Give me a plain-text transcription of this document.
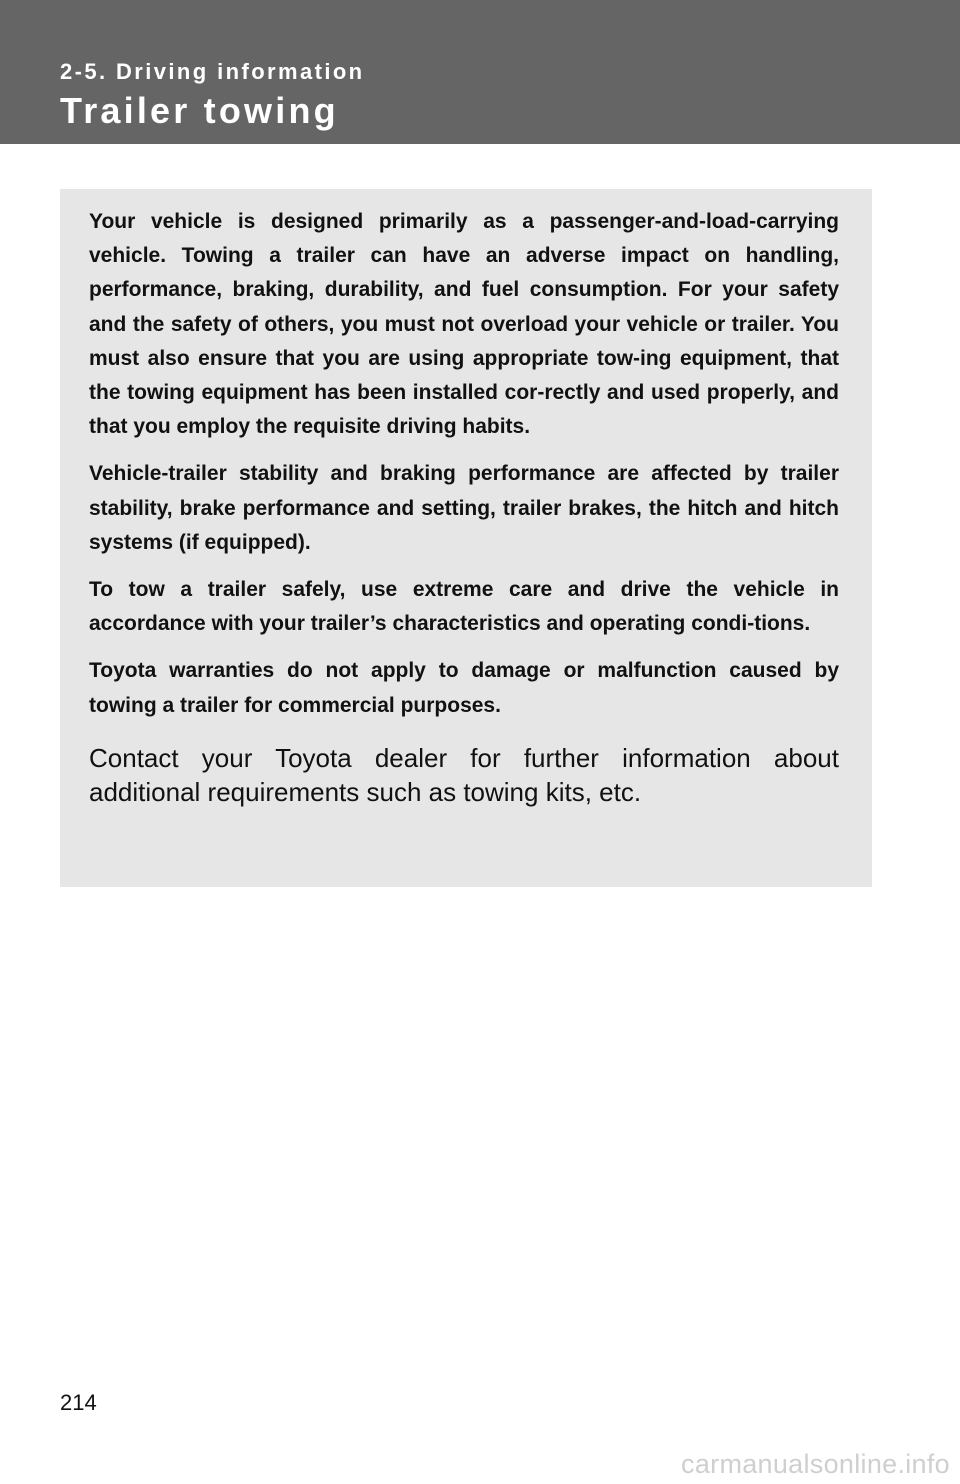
2-5. Driving information
Trailer towing

Your vehicle is designed primarily as a passenger-and-load-carrying vehicle. Towing a trailer can have an adverse impact on handling, performance, braking, durability, and fuel consumption. For your safety and the safety of others, you must not overload your vehicle or trailer. You must also ensure that you are using appropriate tow-ing equipment, that the towing equipment has been installed cor-rectly and used properly, and that you employ the requisite driving habits.

Vehicle-trailer stability and braking performance are affected by trailer stability, brake performance and setting, trailer brakes, the hitch and hitch systems (if equipped).

To tow a trailer safely, use extreme care and drive the vehicle in accordance with your trailer’s characteristics and operating condi-tions.

Toyota warranties do not apply to damage or malfunction caused by towing a trailer for commercial purposes.

Contact your Toyota dealer for further information about additional requirements such as towing kits, etc.

214
carmanualsonline.info
